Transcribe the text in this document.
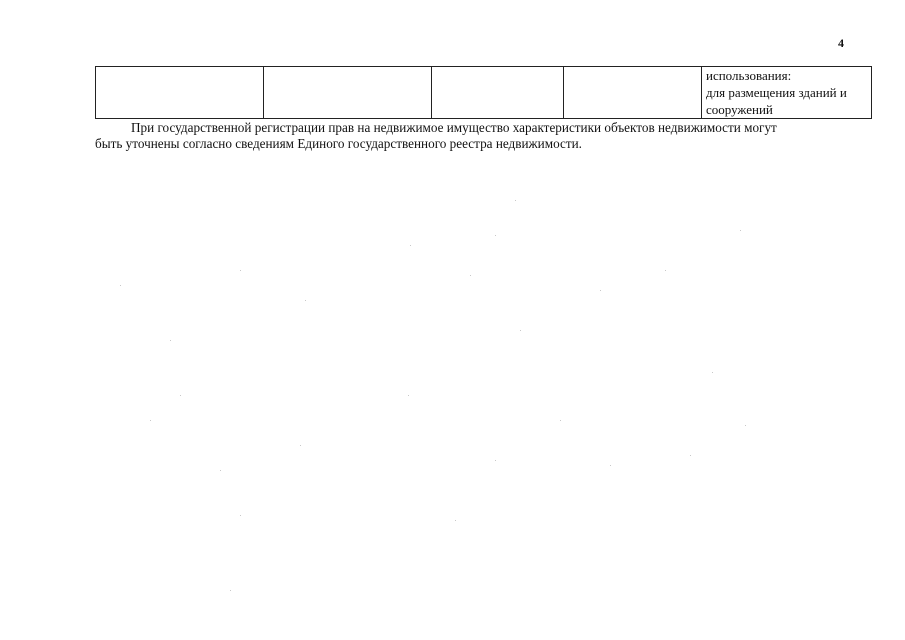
4

использования:
для размещения зданий и
сооружений

При государственной регистрации прав на недвижимое имущество характеристики объектов недвижимости могут
быть уточнены согласно сведениям Единого государственного реестра недвижимости.
